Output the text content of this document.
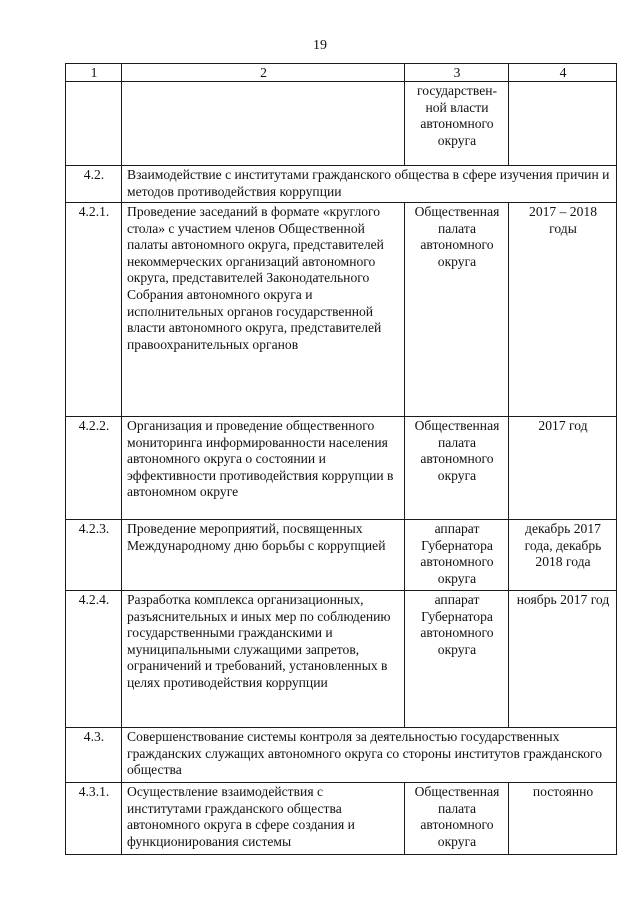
19
1	2	3	4
		государствен-ной власти автономного округа	
4.2.	Взаимодействие с институтами гражданского общества в сфере изучения причин и методов противодействия коррупции		
4.2.1.	Проведение заседаний в формате «круглого стола» с участием членов Общественной палаты автономного округа, представителей некоммерческих организаций автономного округа, представителей Законодательного Собрания автономного округа и исполнительных органов государственной власти автономного округа, представителей правоохранительных органов	Общественная палата автономного округа	2017 – 2018 годы
4.2.2.	Организация и проведение общественного мониторинга информированности населения автономного округа о состоянии и эффективности противодействия коррупции в автономном округе	Общественная палата автономного округа	2017 год
4.2.3.	Проведение мероприятий, посвященных Международному дню борьбы с коррупцией	аппарат Губернатора автономного округа	декабрь 2017 года, декабрь 2018 года
4.2.4.	Разработка комплекса организационных, разъяснительных и иных мер по соблюдению государственными гражданскими и муниципальными служащими запретов, ограничений и требований, установленных в целях противодействия коррупции	аппарат Губернатора автономного округа	ноябрь 2017 год
4.3.	Совершенствование системы контроля за деятельностью государственных гражданских служащих автономного округа со стороны институтов гражданского общества		
4.3.1.	Осуществление взаимодействия с институтами гражданского общества автономного округа в сфере создания и функционирования системы	Общественная палата автономного округа	постоянно
